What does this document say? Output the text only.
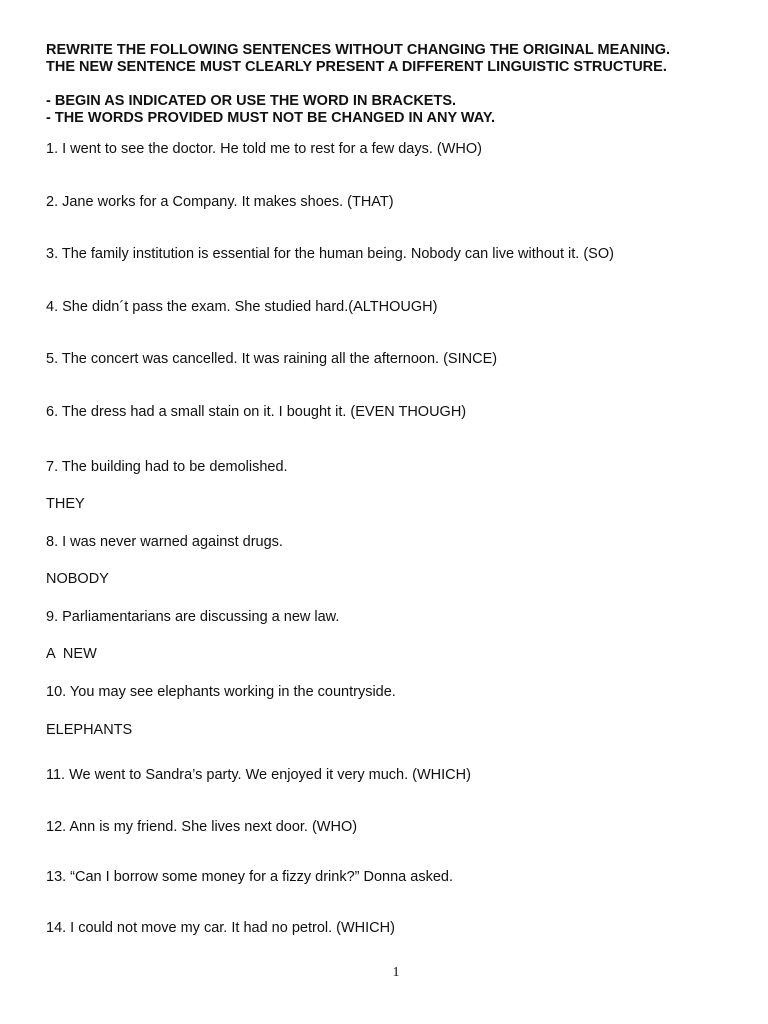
REWRITE THE FOLLOWING SENTENCES WITHOUT CHANGING THE ORIGINAL MEANING.
THE NEW SENTENCE MUST CLEARLY PRESENT A DIFFERENT LINGUISTIC STRUCTURE.
- BEGIN AS INDICATED OR USE THE WORD IN BRACKETS.
- THE WORDS PROVIDED MUST NOT BE CHANGED IN ANY WAY.
1. I went to see the doctor. He told me to rest for a few days. (WHO)
2. Jane works for a Company. It makes shoes. (THAT)
3. The family institution is essential for the human being. Nobody can live without it. (SO)
4. She didn´t pass the exam. She studied hard.(ALTHOUGH)
5. The concert was cancelled. It was raining all the afternoon. (SINCE)
6. The dress had a small stain on it. I bought it. (EVEN THOUGH)
7. The building had to be demolished.
THEY
8. I was never warned against drugs.
NOBODY
9. Parliamentarians are discussing a new law.
A  NEW
10. You may see elephants working in the countryside.
ELEPHANTS
11. We went to Sandra’s party. We enjoyed it very much. (WHICH)
12. Ann is my friend. She lives next door. (WHO)
13. “Can I borrow some money for a fizzy drink?” Donna asked.
14. I could not move my car. It had no petrol. (WHICH)
1
